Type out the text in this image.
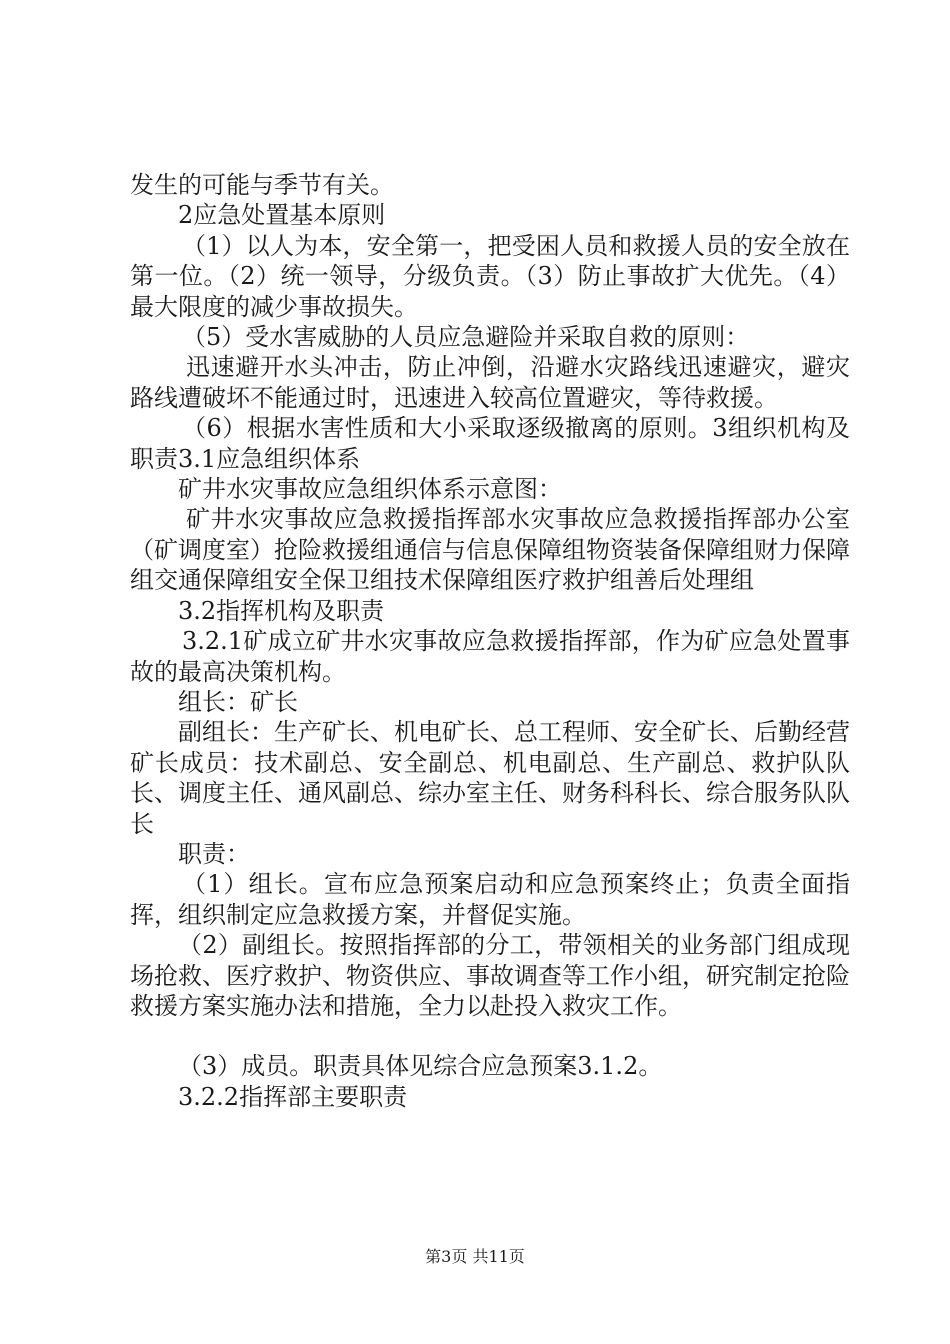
发生的可能与季节有关。

2应急处置基本原则

（1）以人为本，安全第一，把受困人员和救援人员的安全放在第一位。（2）统一领导，分级负责。（3）防止事故扩大优先。（4）最大限度的减少事故损失。

（5）受水害威胁的人员应急避险并采取自救的原则：

迅速避开水头冲击，防止冲倒，沿避水灾路线迅速避灾，避灾路线遭破坏不能通过时，迅速进入较高位置避灾，等待救援。

（6）根据水害性质和大小采取逐级撤离的原则。3组织机构及职责3.1应急组织体系

矿井水灾事故应急组织体系示意图：

矿井水灾事故应急救援指挥部水灾事故应急救援指挥部办公室（矿调度室）抢险救援组通信与信息保障组物资装备保障组财力保障组交通保障组安全保卫组技术保障组医疗救护组善后处理组

3.2指挥机构及职责

3.2.1矿成立矿井水灾事故应急救援指挥部，作为矿应急处置事故的最高决策机构。

组长：矿长

副组长：生产矿长、机电矿长、总工程师、安全矿长、后勤经营矿长成员：技术副总、安全副总、机电副总、生产副总、救护队队长、调度主任、通风副总、综办室主任、财务科科长、综合服务队队长

职责：

（1）组长。宣布应急预案启动和应急预案终止；负责全面指挥，组织制定应急救援方案，并督促实施。

（2）副组长。按照指挥部的分工，带领相关的业务部门组成现场抢救、医疗救护、物资供应、事故调查等工作小组，研究制定抢险救援方案实施办法和措施，全力以赴投入救灾工作。

（3）成员。职责具体见综合应急预案3.1.2。

3.2.2指挥部主要职责

第3页 共11页
